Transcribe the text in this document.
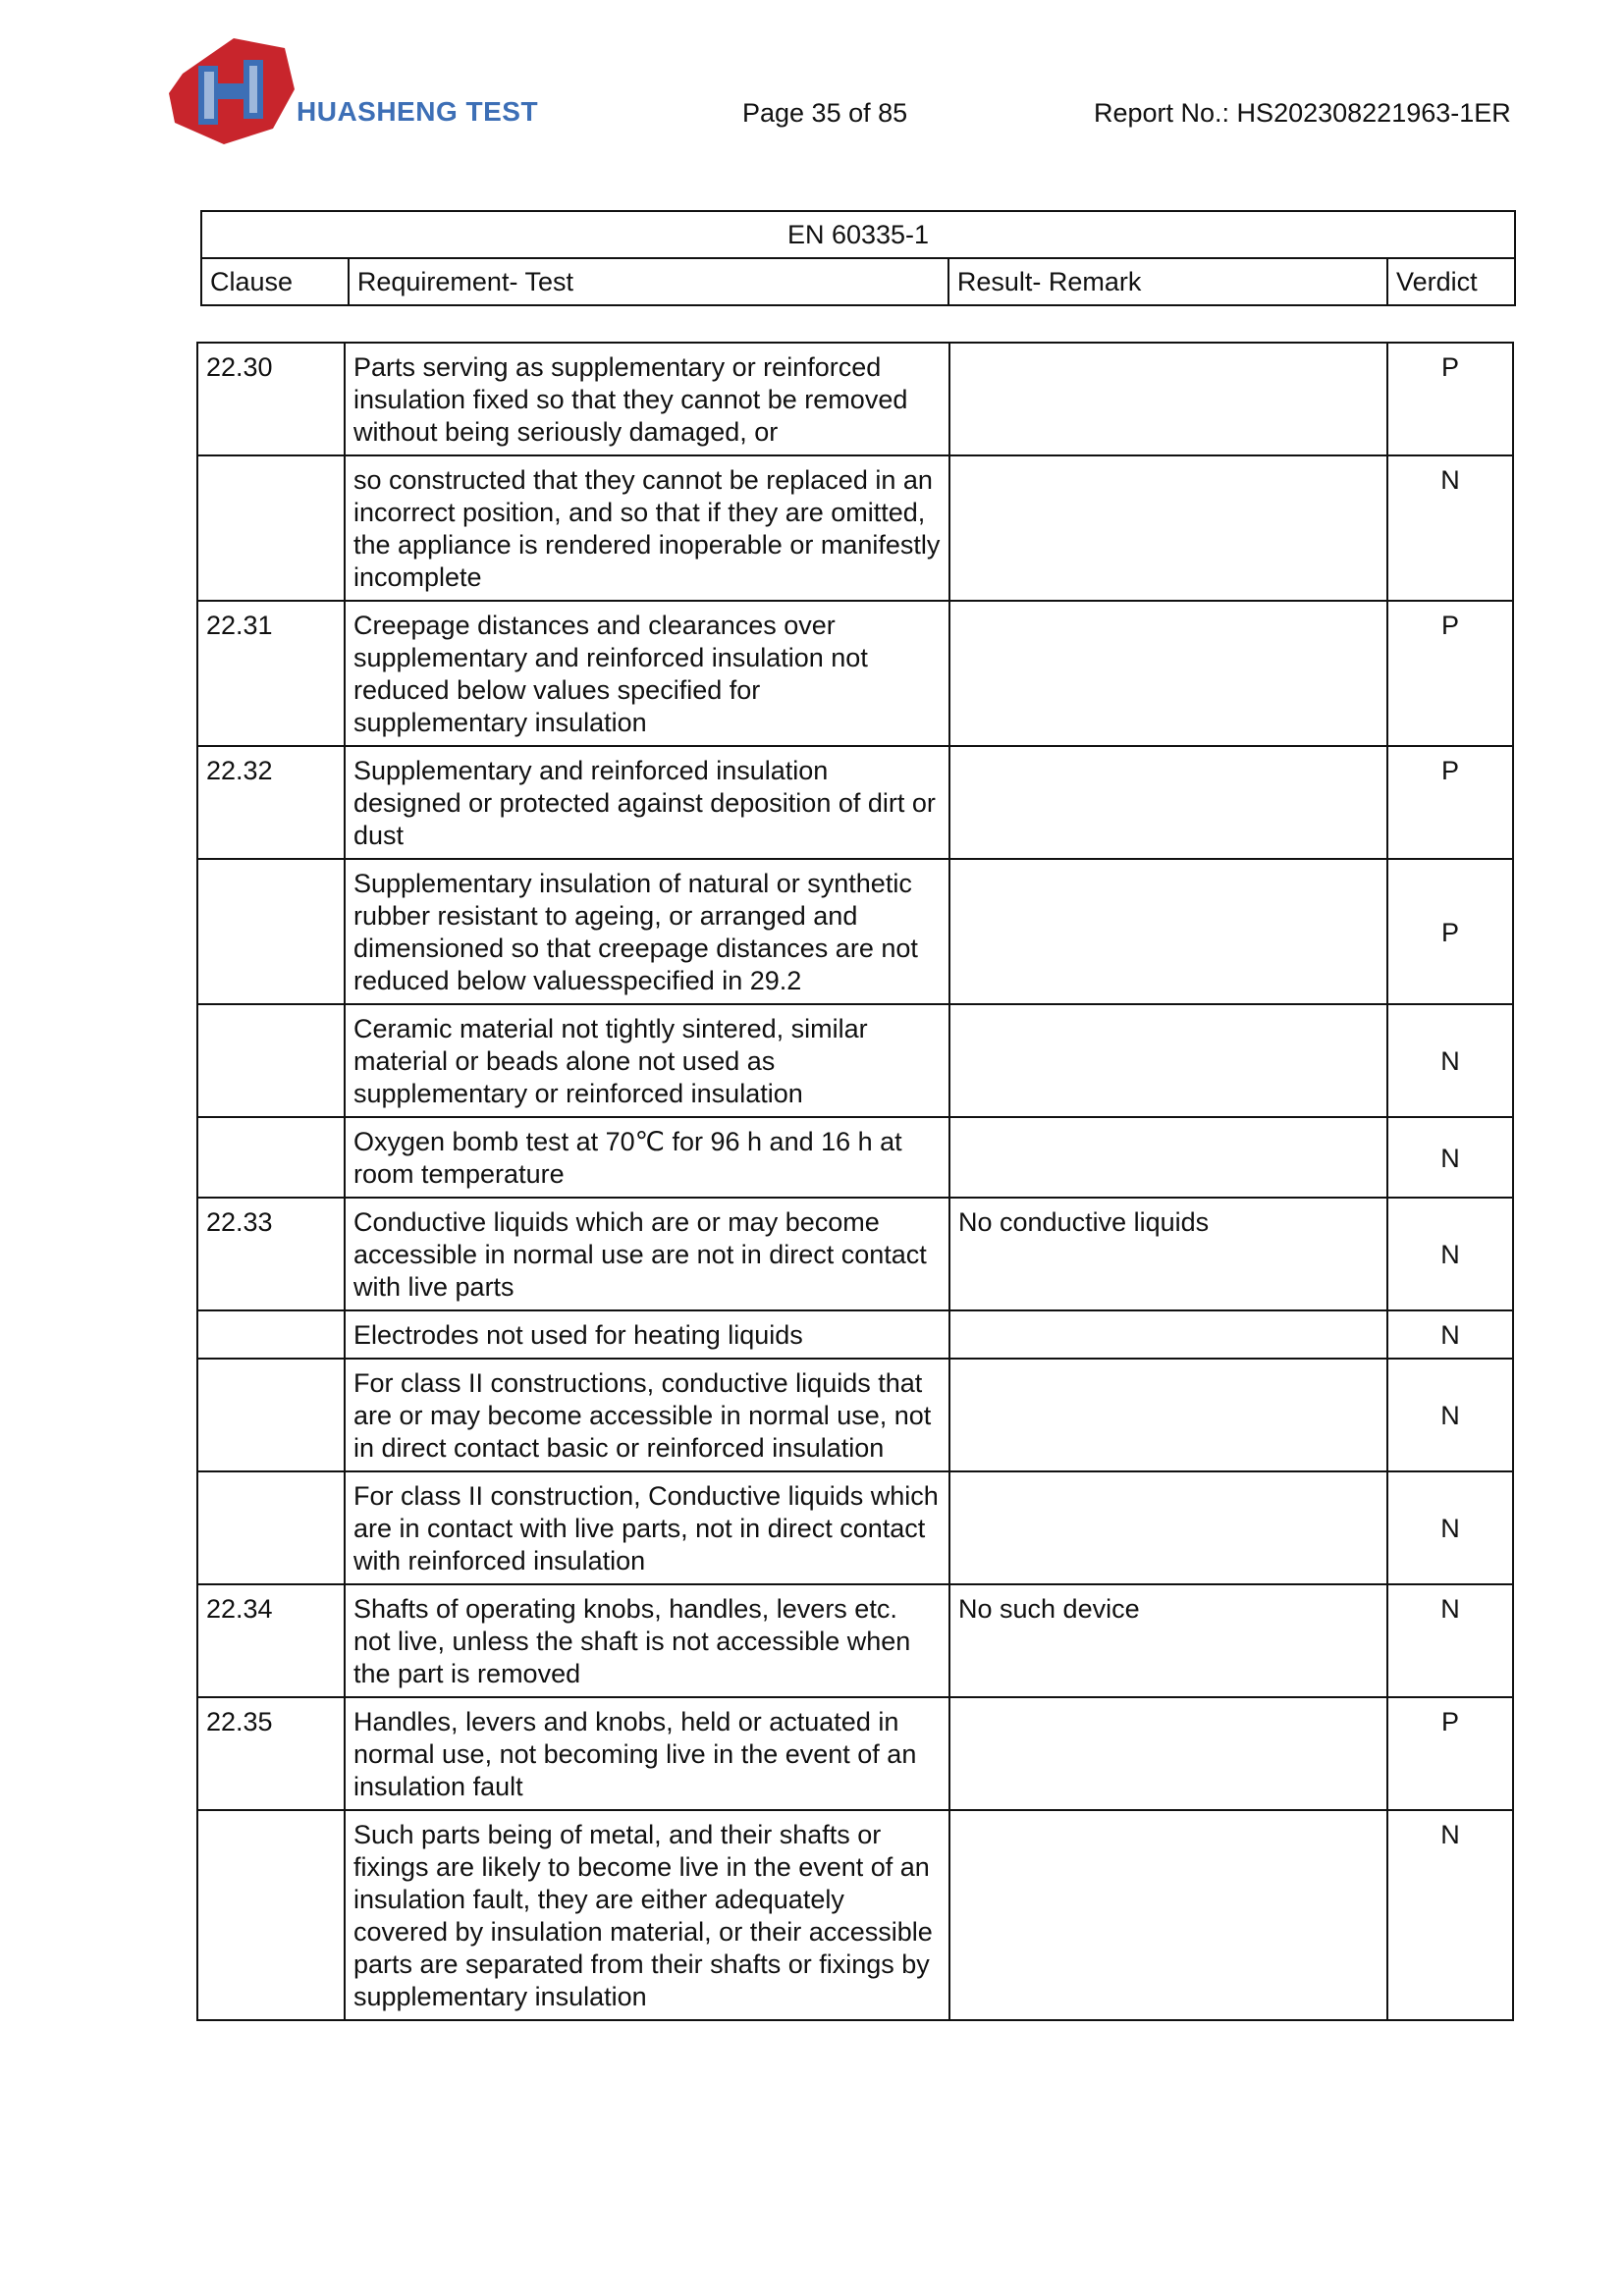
HUASHENG TEST	Page 35 of 85	Report No.: HS202308221963-1ER
EN 60335-1
Clause	Requirement- Test	Result- Remark	Verdict
22.30	Parts serving as supplementary or reinforced insulation fixed so that they cannot be removed without being seriously damaged, or		P
	so constructed that they cannot be replaced in an incorrect position, and so that if they are omitted, the appliance is rendered inoperable or manifestly incomplete		N
22.31	Creepage distances and clearances over supplementary and reinforced insulation not reduced below values specified for supplementary insulation		P
22.32	Supplementary and reinforced insulation designed or protected against deposition of dirt or dust		P
	Supplementary insulation of natural or synthetic rubber resistant to ageing, or arranged and dimensioned so that creepage distances are not reduced below valuesspecified in 29.2		P
	Ceramic material not tightly sintered, similar material or beads alone not used as supplementary or reinforced insulation		N
	Oxygen bomb test at 70℃ for 96 h and 16 h at room temperature		N
22.33	Conductive liquids which are or may become accessible in normal use are not in direct contact with live parts	No conductive liquids	N
	Electrodes not used for heating liquids		N
	For class II constructions, conductive liquids that are or may become accessible in normal use, not in direct contact basic or reinforced insulation		N
	For class II construction, Conductive liquids which are in contact with live parts, not in direct contact with reinforced insulation		N
22.34	Shafts of operating knobs, handles, levers etc. not live, unless the shaft is not accessible when the part is removed	No such device	N
22.35	Handles, levers and knobs, held or actuated in normal use, not becoming live in the event of an insulation fault		P
	Such parts being of metal, and their shafts or fixings are likely to become live in the event of an insulation fault, they are either adequately covered by insulation material, or their accessible parts are separated from their shafts or fixings by supplementary insulation		N
